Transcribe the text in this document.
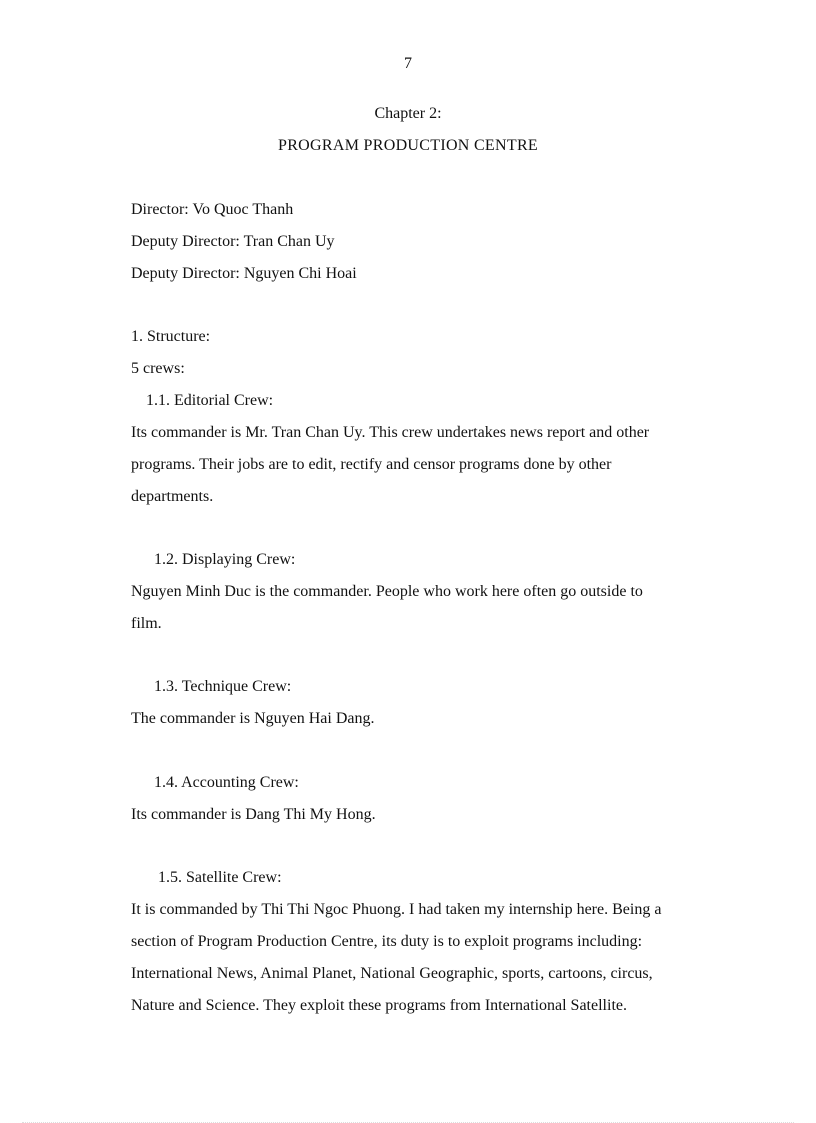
7
Chapter 2:
PROGRAM PRODUCTION CENTRE
Director: Vo Quoc Thanh
Deputy Director: Tran Chan Uy
Deputy Director: Nguyen Chi Hoai
1. Structure:
5 crews:
1.1. Editorial Crew:
Its commander is Mr. Tran Chan Uy. This crew undertakes news report and other
programs. Their jobs are to edit, rectify and censor programs done by other
departments.
1.2. Displaying Crew:
Nguyen Minh Duc is the commander. People who work here often go outside to
film.
1.3. Technique Crew:
The commander is Nguyen Hai Dang.
1.4. Accounting Crew:
Its commander is Dang Thi My Hong.
1.5. Satellite Crew:
It is commanded by Thi Thi Ngoc Phuong. I had taken my internship here. Being a
section of Program Production Centre, its duty is to exploit programs including:
International News, Animal Planet, National Geographic, sports, cartoons, circus,
Nature and Science. They exploit these programs from International Satellite.
